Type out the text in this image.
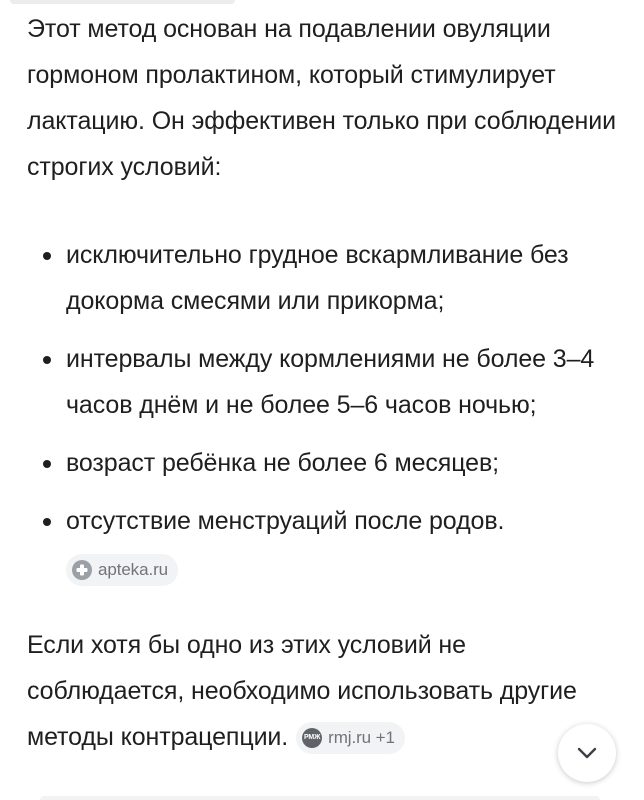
Этот метод основан на подавлении овуляции гормоном пролактином, который стимулирует лактацию. Он эффективен только при соблюдении строгих условий:

исключительно грудное вскармливание без докорма смесями или прикорма;
интервалы между кормлениями не более 3–4 часов днём и не более 5–6 часов ночью;
возраст ребёнка не более 6 месяцев;
отсутствие менструаций после родов.
apteka.ru

Если хотя бы одно из этих условий не соблюдается, необходимо использовать другие методы контрацепции. РМЖ rmj.ru +1
